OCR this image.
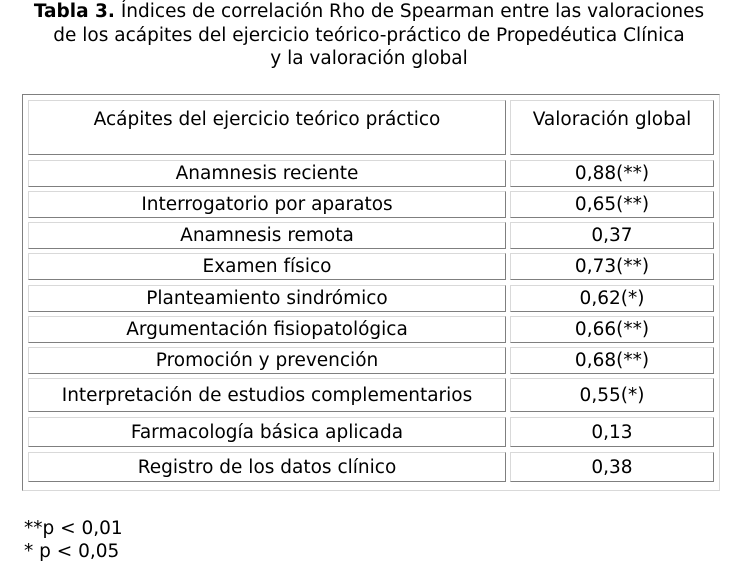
Tabla 3. Índices de correlación Rho de Spearman entre las valoraciones
de los acápites del ejercicio teórico-práctico de Propedéutica Clínica
y la valoración global
Acápites del ejercicio teórico práctico	Valoración global
Anamnesis reciente	0,88(**)
Interrogatorio por aparatos	0,65(**)
Anamnesis remota	0,37
Examen físico	0,73(**)
Planteamiento sindrómico	0,62(*)
Argumentación fisiopatológica	0,66(**)
Promoción y prevención	0,68(**)
Interpretación de estudios complementarios	0,55(*)
Farmacología básica aplicada	0,13
Registro de los datos clínico	0,38
**p < 0,01
* p < 0,05
